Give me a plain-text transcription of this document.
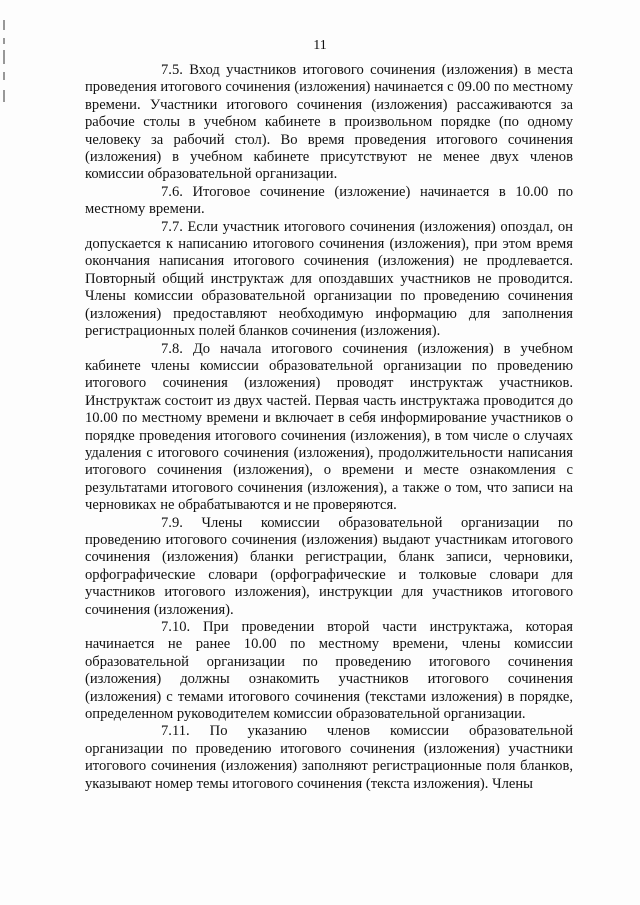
11

7.5. Вход участников итогового сочинения (изложения) в места проведения итогового сочинения (изложения) начинается с 09.00 по местному времени. Участники итогового сочинения (изложения) рассаживаются за рабочие столы в учебном кабинете в произвольном порядке (по одному человеку за рабочий стол). Во время проведения итогового сочинения (изложения) в учебном кабинете присутствуют не менее двух членов комиссии образовательной организации.

7.6. Итоговое сочинение (изложение) начинается в 10.00 по местному времени.

7.7. Если участник итогового сочинения (изложения) опоздал, он допускается к написанию итогового сочинения (изложения), при этом время окончания написания итогового сочинения (изложения) не продлевается. Повторный общий инструктаж для опоздавших участников не проводится. Члены комиссии образовательной организации по проведению сочинения (изложения) предоставляют необходимую информацию для заполнения регистрационных полей бланков сочинения (изложения).

7.8. До начала итогового сочинения (изложения) в учебном кабинете члены комиссии образовательной организации по проведению итогового сочинения (изложения) проводят инструктаж участников. Инструктаж состоит из двух частей. Первая часть инструктажа проводится до 10.00 по местному времени и включает в себя информирование участников о порядке проведения итогового сочинения (изложения), в том числе о случаях удаления с итогового сочинения (изложения), продолжительности написания итогового сочинения (изложения), о времени и месте ознакомления с результатами итогового сочинения (изложения), а также о том, что записи на черновиках не обрабатываются и не проверяются.

7.9. Члены комиссии образовательной организации по проведению итогового сочинения (изложения) выдают участникам итогового сочинения (изложения) бланки регистрации, бланк записи, черновики, орфографические словари (орфографические и толковые словари для участников итогового изложения), инструкции для участников итогового сочинения (изложения).

7.10. При проведении второй части инструктажа, которая начинается не ранее 10.00 по местному времени, члены комиссии образовательной организации по проведению итогового сочинения (изложения) должны ознакомить участников итогового сочинения (изложения) с темами итогового сочинения (текстами изложения) в порядке, определенном руководителем комиссии образовательной организации.

7.11. По указанию членов комиссии образовательной организации по проведению итогового сочинения (изложения) участники итогового сочинения (изложения) заполняют регистрационные поля бланков, указывают номер темы итогового сочинения (текста изложения). Члены
